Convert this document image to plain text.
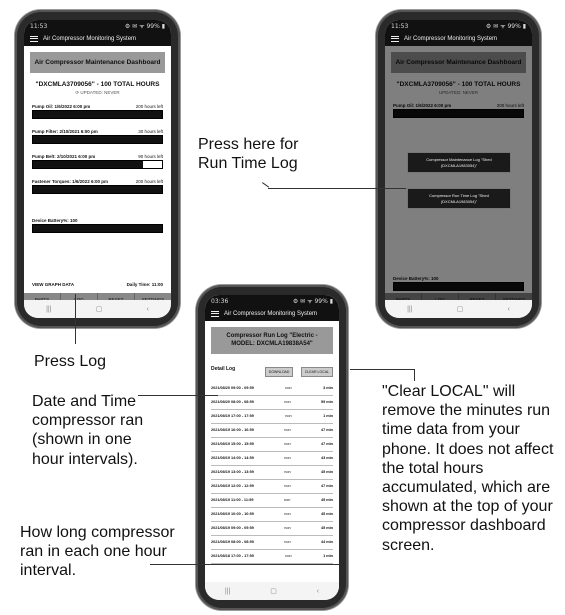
11:53	⚙ ✉ ᯤ 99% ▮
Air Compressor Monitoring System
Air Compressor Maintenance Dashboard
"DXCMLA3709056" - 100 TOTAL HOURS
⟳ UPDATED: NEVER
Pump Oil: 1/6/2022 6:00 pm	200 hours left
Pump Filter: 2/10/2021 6:00 pm	30 hours left
Pump Belt: 2/10/2021 6:00 pm	90 hours left
Fastener Torques: 1/6/2022 6:00 pm	200 hours left
Device Battery%: 100
VIEW GRAPH DATA	Daily Time: 11:00
|||	▢	‹
11:53	⚙ ✉ ᯤ 99% ▮
Air Compressor Monitoring System
Compressor Maintenance Log "Shed (DXCMLA1983054)"
Compressor Run Time Log "Shed (DXCMLA1983054)"
|||	▢	‹
03:36	⚙ ✉ ᯤ 99% ▮
Air Compressor Monitoring System
Compressor Run Log "Electric - MODEL: DXCMLA19838A54"
Detail Log	DOWNLOAD	CLEAR LOCAL
2021/08/20 09:00 - 09:59	non	3 min
2021/08/20 08:00 - 08:59	non	59 min
2021/08/19 17:00 - 17:59	non	1 min
2021/08/19 16:00 - 16:59	non	47 min
2021/08/19 15:00 - 15:59	non	47 min
2021/08/19 14:00 - 14:59	non	43 min
2021/08/19 13:00 - 13:59	non	45 min
2021/08/19 12:00 - 12:59	non	47 min
2021/08/19 11:00 - 11:59	non	45 min
2021/08/19 10:00 - 10:59	non	45 min
2021/08/19 09:00 - 09:59	non	45 min
2021/08/19 08:00 - 08:59	non	44 min
2021/08/18 17:00 - 17:59	non	1 min
|||	▢	‹
Press here for Run Time Log
Press Log
Date and Time compressor ran (shown in one hour intervals).
How long compressor ran in each one hour interval.
"Clear LOCAL" will remove the minutes run time data from your phone. It does not affect the total hours accumulated, which are shown at the top of your compressor dashboard screen.
